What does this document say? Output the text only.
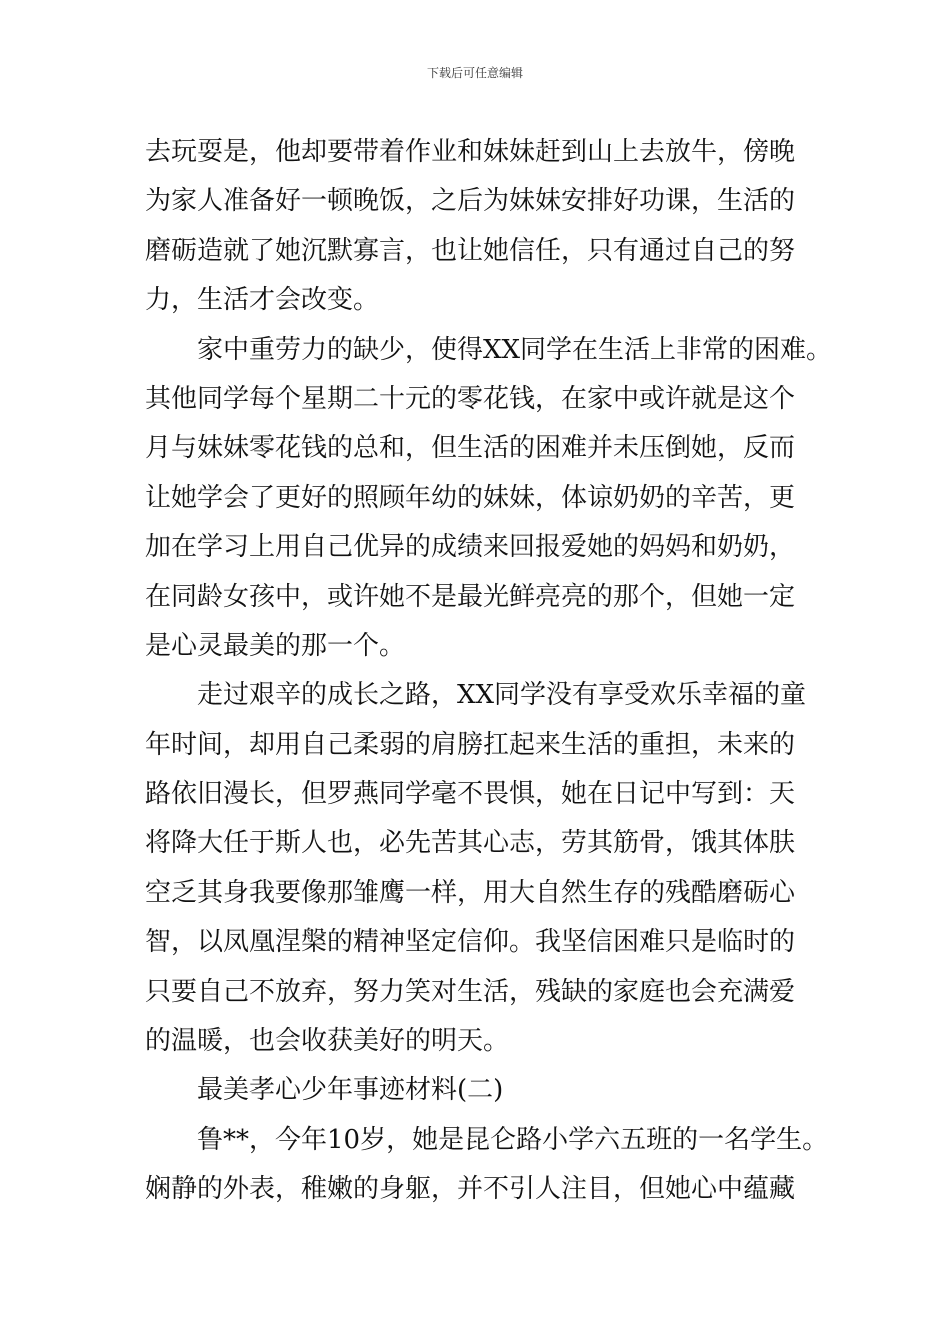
下载后可任意编辑
去玩耍是，他却要带着作业和妹妹赶到山上去放牛，傍晚
为家人准备好一顿晚饭，之后为妹妹安排好功课，生活的
磨砺造就了她沉默寡言，也让她信任，只有通过自己的努
力，生活才会改变。
家中重劳力的缺少，使得XX同学在生活上非常的困难。
其他同学每个星期二十元的零花钱，在家中或许就是这个
月与妹妹零花钱的总和，但生活的困难并未压倒她，反而
让她学会了更好的照顾年幼的妹妹，体谅奶奶的辛苦，更
加在学习上用自己优异的成绩来回报爱她的妈妈和奶奶，
在同龄女孩中，或许她不是最光鲜亮亮的那个，但她一定
是心灵最美的那一个。
走过艰辛的成长之路，XX同学没有享受欢乐幸福的童
年时间，却用自己柔弱的肩膀扛起来生活的重担，未来的
路依旧漫长，但罗燕同学毫不畏惧，她在日记中写到：天
将降大任于斯人也，必先苦其心志，劳其筋骨，饿其体肤
空乏其身我要像那雏鹰一样，用大自然生存的残酷磨砺心
智，以凤凰涅槃的精神坚定信仰。我坚信困难只是临时的
只要自己不放弃，努力笑对生活，残缺的家庭也会充满爱
的温暖，也会收获美好的明天。
最美孝心少年事迹材料(二)
鲁**，今年10岁，她是昆仑路小学六五班的一名学生。
娴静的外表，稚嫩的身躯，并不引人注目，但她心中蕴藏
